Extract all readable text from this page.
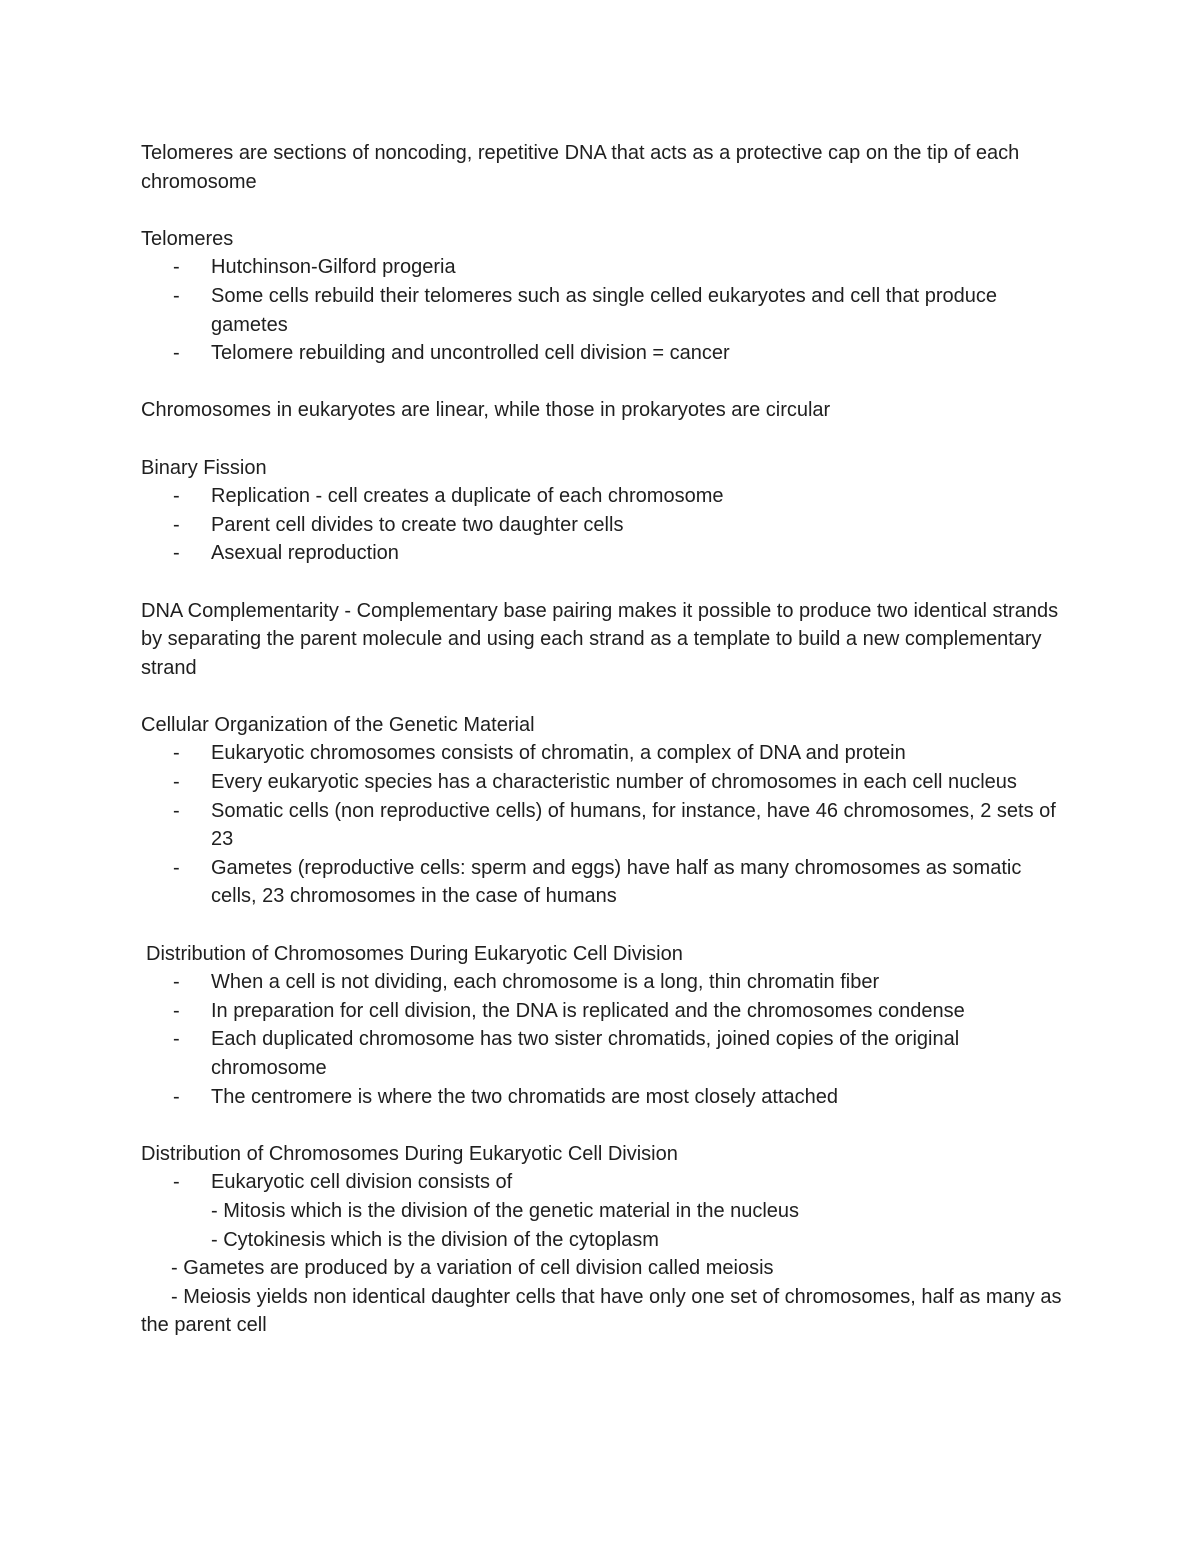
Telomeres are sections of noncoding, repetitive DNA that acts as a protective cap on the tip of each chromosome

Telomeres

- Hutchinson-Gilford progeria
- Some cells rebuild their telomeres such as single celled eukaryotes and cell that produce gametes
- Telomere rebuilding and uncontrolled cell division = cancer

Chromosomes in eukaryotes are linear, while those in prokaryotes are circular

Binary Fission

- Replication - cell creates a duplicate of each chromosome
- Parent cell divides to create two daughter cells
- Asexual reproduction

DNA Complementarity - Complementary base pairing makes it possible to produce two identical strands by separating the parent molecule and using each strand as a template to build a new complementary strand

Cellular Organization of the Genetic Material

- Eukaryotic chromosomes consists of chromatin, a complex of DNA and protein
- Every eukaryotic species has a characteristic number of chromosomes in each cell nucleus
- Somatic cells (non reproductive cells) of humans, for instance, have 46 chromosomes, 2 sets of 23
- Gametes (reproductive cells: sperm and eggs) have half as many chromosomes as somatic cells, 23 chromosomes in the case of humans

Distribution of Chromosomes During Eukaryotic Cell Division

- When a cell is not dividing, each chromosome is a long, thin chromatin fiber
- In preparation for cell division, the DNA is replicated and the chromosomes condense
- Each duplicated chromosome has two sister chromatids, joined copies of the original chromosome
- The centromere is where the two chromatids are most closely attached

Distribution of Chromosomes During Eukaryotic Cell Division

- Eukaryotic cell division consists of
- Mitosis which is the division of the genetic material in the nucleus
- Cytokinesis which is the division of the cytoplasm
- Gametes are produced by a variation of cell division called meiosis
- Meiosis yields non identical daughter cells that have only one set of chromosomes, half as many as the parent cell
